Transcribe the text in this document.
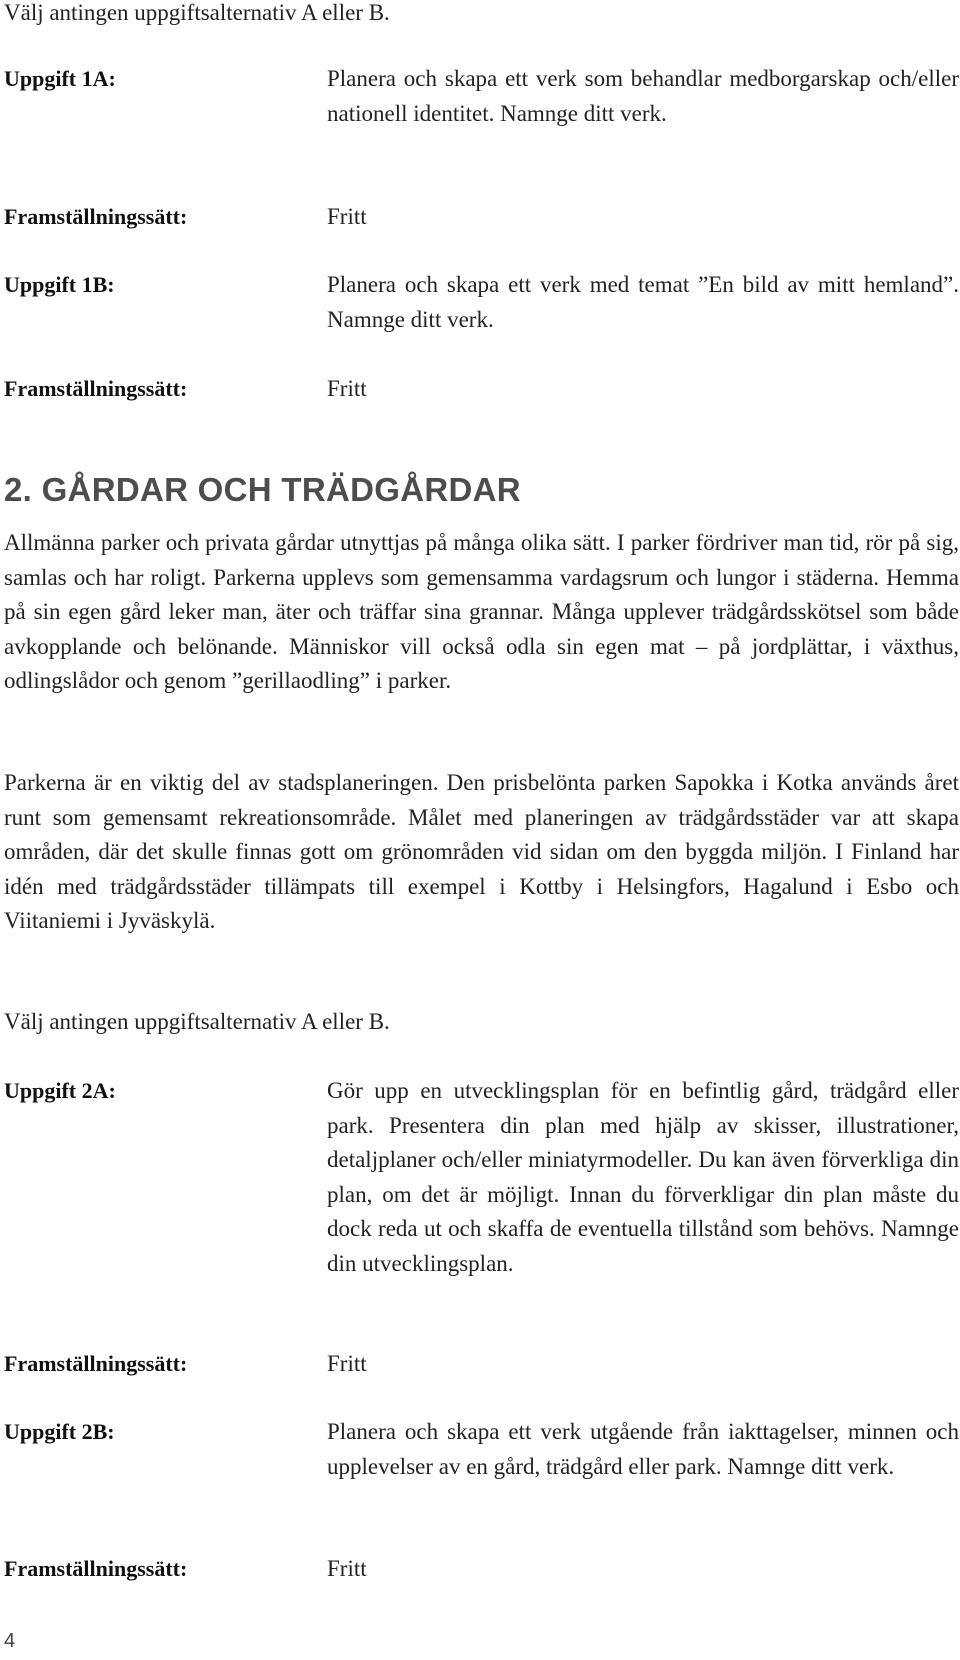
Välj antingen uppgiftsalternativ A eller B.
Uppgift 1A:	Planera och skapa ett verk som behandlar medborgarskap och/eller nationell identitet. Namnge ditt verk.
Framställningssätt:	Fritt
Uppgift 1B:	Planera och skapa ett verk med temat ”En bild av mitt hemland”. Namnge ditt verk.
Framställningssätt:	Fritt
2. GÅRDAR OCH TRÄDGÅRDAR
Allmänna parker och privata gårdar utnyttjas på många olika sätt. I parker fördriver man tid, rör på sig, samlas och har roligt. Parkerna upplevs som gemensamma vardagsrum och lungor i städerna. Hemma på sin egen gård leker man, äter och träffar sina grannar. Många upplever trädgårdsskötsel som både avkopplande och belönande. Människor vill också odla sin egen mat – på jordplättar, i växthus, odlingslådor och genom ”gerillaodling” i parker.
Parkerna är en viktig del av stadsplaneringen. Den prisbelönta parken Sapokka i Kotka används året runt som gemensamt rekreationsområde. Målet med planeringen av trädgårdsstäder var att skapa områden, där det skulle finnas gott om grönområden vid sidan om den byggda miljön. I Finland har idén med trädgårdsstäder tillämpats till exempel i Kottby i Helsingfors, Hagalund i Esbo och Viitaniemi i Jyväskylä.
Välj antingen uppgiftsalternativ A eller B.
Uppgift 2A:	Gör upp en utvecklingsplan för en befintlig gård, trädgård eller park. Presentera din plan med hjälp av skisser, illustrationer, detaljplaner och/eller miniatyrmodeller. Du kan även förverkliga din plan, om det är möjligt. Innan du förverkligar din plan måste du dock reda ut och skaffa de eventuella tillstånd som behövs. Namnge din utvecklingsplan.
Framställningssätt:	Fritt
Uppgift 2B:	Planera och skapa ett verk utgående från iakttagelser, minnen och upplevelser av en gård, trädgård eller park. Namnge ditt verk.
Framställningssätt:	Fritt
4
